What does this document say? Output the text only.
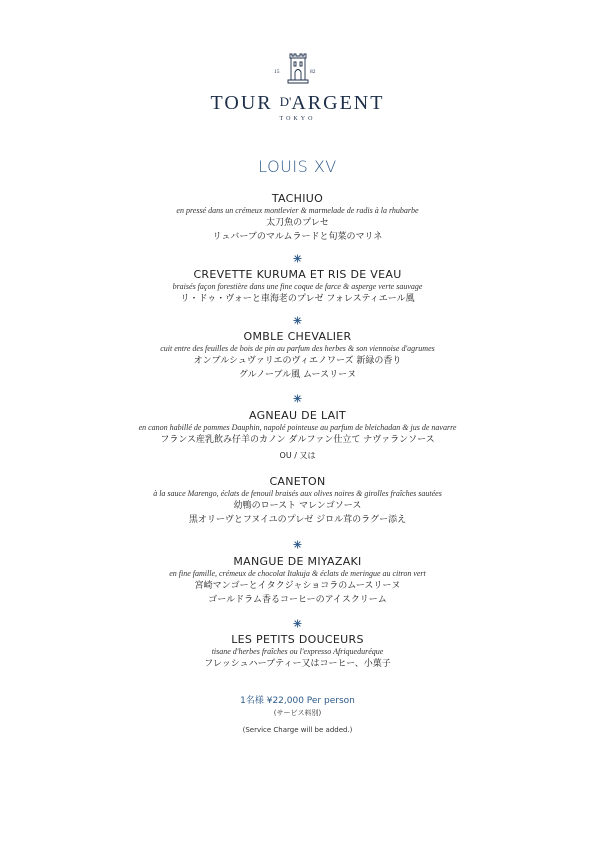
15	82
TOUR D'ARGENT
TOKYO
LOUIS XV
TACHIUO
en pressé dans un crémeux montlevier & marmelade de radis à la rhubarbe
太刀魚のプレセ
リュバーブのマルムラードと旬菜のマリネ
CREVETTE KURUMA ET RIS DE VEAU
braisés façon forestière dans une fine coque de farce & asperge verte sauvage
リ・ドゥ・ヴォーと車海老のプレゼ フォレスティエール風
OMBLE CHEVALIER
cuit entre des feuilles de bois de pin au parfum des herbes & son viennoise d'agrumes
オンブルシュヴァリエのヴィエノワーズ 新緑の香り
グルノーブル風 ムースリーヌ
AGNEAU DE LAIT
en canon habillé de pommes Dauphin, napolé pointeuse au parfum de bleichadan & jus de navarre
フランス産乳飲み仔羊のカノン ダルファン仕立て ナヴァランソース
OU / 又は
CANETON
à la sauce Marengo, éclats de fenouil braisés aux olives noires & girolles fraîches sautées
幼鴨のロースト マレンゴソース
黒オリーヴとフヌイユのプレゼ ジロル茸のラグー添え
MANGUE DE MIYAZAKI
en fine famille, crémeux de chocolat Itakuja & éclats de meringue au citron vert
宮崎マンゴーとイタクジャショコラのムースリーヌ
ゴールドラム香るコーヒーのアイスクリーム
LES PETITS DOUCEURS
tisane d'herbes fraîches ou l'expresso Afriqueduréque
フレッシュハーブティー又はコーヒー、小菓子
1名様 ¥22,000 Per person
(サービス料別)
(Service Charge will be added.)
